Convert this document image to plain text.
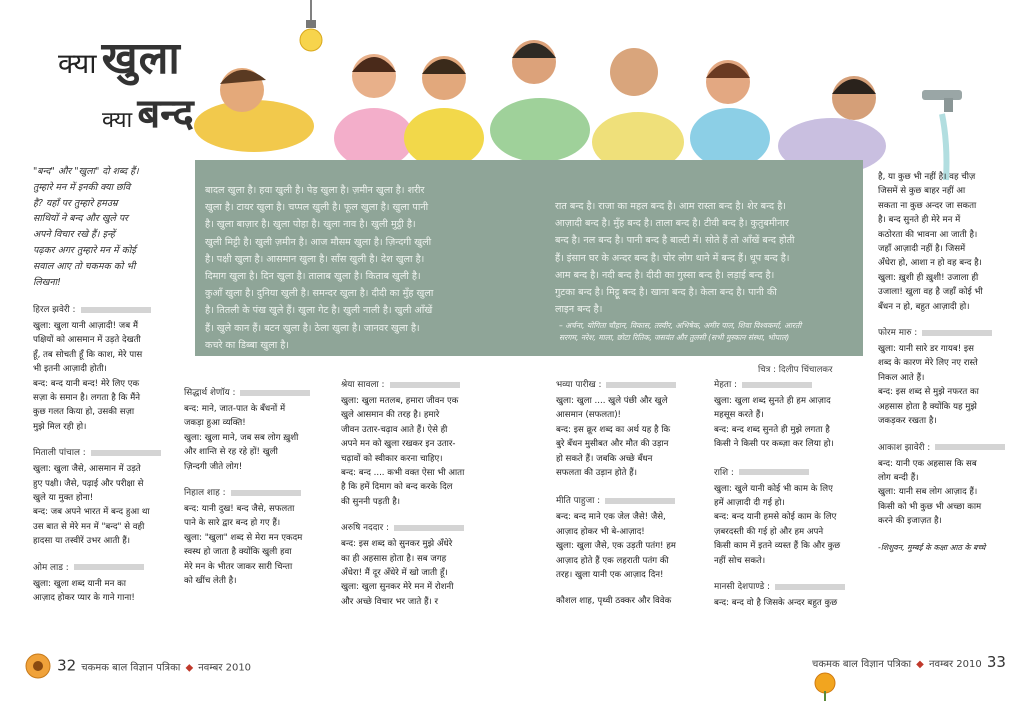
क्या खुला
क्या बन्द
"बन्द" और "खुला" दो शब्द हैं।
तुम्हारे मन में इनकी क्या छवि
है? यहाँ पर तुम्हारे हमउम्र
साथियों ने बन्द और खुले पर
अपने विचार रखे हैं। इन्हें
पढ़कर अगर तुम्हारे मन में कोई
सवाल आए तो चकमक को भी
लिखना!
बादल खुला है। हवा खुली है। पेड़ खुला है। ज़मीन खुला है। शरीर
खुला है। टायर खुला है। चप्पल खुली है। फूल खुला है। खुला पानी
है। खुला बाज़ार है। खुला पोहा है। खुला नाव है। खुली मुट्ठी है।
खुली मिट्टी है। खुली ज़मीन है। आज मौसम खुला है। ज़िन्दगी खुली
है। पक्षी खुला है। आसमान खुला है। साँस खुली है। देश खुला है।
दिमाग खुला है। दिन खुला है। तालाब खुला है। किताब खुली है।
कुआँ खुला है। दुनिया खुली है। समन्दर खुला है। दीदी का मुँह खुला
है। तितली के पंख खुले हैं। खुला गेट है। खुली नाली है। खुली आँखें
हैं। खुले कान हैं। बटन खुला है। ठेला खुला है। जानवर खुला है।
कचरे का डिब्बा खुला है।
रात बन्द है। राजा का महल बन्द है। आम रास्ता बन्द है। शेर बन्द है।
आज़ादी बन्द है। मुँह बन्द है। ताला बन्द है। टीवी बन्द है। कुतुबमीनार
बन्द है। नल बन्द है। पानी बन्द है बाल्टी में। सोते हैं तो आँखें बन्द होती
हैं। इंसान घर के अन्दर बन्द है। चोर लोग थाने में बन्द हैं। धूप बन्द है।
आम बन्द है। नदी बन्द है। दीदी का गुस्सा बन्द है। लड़ाई बन्द है।
गुटका बन्द है। मिट्टू बन्द है। खाना बन्द है। केला बन्द है। पानी की
लाइन बन्द है।
– अर्चना, योगिता चौहान, विकास, तस्वीर, अभिषेक, अमीर पाल, शिवा विश्वकर्मा, आरती
सरगम, नरेश, माला, छोटा रितिक, जसवंत और तुलसी (सभी मुस्कान संस्था, भोपाल)
चित्र : दिलीप चिंचालकर
हिरल झवेरी :
खुला: खुला यानी आज़ादी! जब मैं
पक्षियों को आसमान में उड़ते देखती
हूँ, तब सोचती हूँ कि काश, मेरे पास
भी इतनी आज़ादी होती।
बन्द: बन्द यानी बन्द! मेरे लिए एक
सज़ा के समान है। लगता है कि मैंने
कुछ गलत किया हो, उसकी सज़ा
मुझे मिल रही हो।
मिताली पांचाल :
खुला: खुला जैसे, आसमान में उड़ते
हुए पक्षी। जैसे, पढ़ाई और परीक्षा से
खुले या मुक्त होना!
बन्द: जब अपने भारत में बन्द हुआ था
उस बात से मेरे मन में "बन्द" से वही
हादसा या तस्वीरें उभर आती हैं।
ओम लाड :
खुला: खुला शब्द यानी मन का
आज़ाद होकर प्यार के गाने गाना!
सिद्धार्थ शेणॉय :
बन्द: माने, जात-पात के बँधनों में
जकड़ा हुआ व्यक्ति!
खुला: खुला माने, जब सब लोग ख़ुशी
और शान्ति से रह रहे हों! खुली
ज़िन्दगी जीते लोग!
निहाल शाह :
बन्द: यानी दुख! बन्द जैसे, सफलता
पाने के सारे द्वार बन्द हो गए हैं।
खुला: "खुला" शब्द से मेरा मन एकदम
स्वस्थ हो जाता है क्योंकि खुली हवा
मेरे मन के भीतर जाकर सारी चिन्ता
को खींच लेती है।
श्रेया सावला :
खुला: खुला मतलब, हमारा जीवन एक
खुले आसमान की तरह है। हमारे
जीवन उतार-चढ़ाव आते हैं। ऐसे ही
अपने मन को खुला रखकर इन उतार-
चढ़ावों को स्वीकार करना चाहिए।
बन्द: बन्द .... कभी वक्त ऐसा भी आता
है कि हमें दिमाग को बन्द करके दिल
की सुननी पड़ती है।
अरुषि नददार :
बन्द: इस शब्द को सुनकर मुझे अँधेरे
का ही अहसास होता है। सब जगह
अँधेरा! मैं दूर अँधेरे में खो जाती हूँ।
खुला: खुला सुनकर मेरे मन में रोशनी
और अच्छे विचार भर जाते हैं। र
भव्या पारीख :
खुला: खुला .... खुले पंछी और खुले
आसमान (सफलता)!
बन्द: इस क्रूर शब्द का अर्थ यह है कि
बुरे बँधन मुसीबत और मौत की उड़ान
हो सकते हैं। जबकि अच्छे बँधन
सफलता की उड़ान होते हैं।
मीति पाहुजा :
बन्द: बन्द माने एक जेल जैसे! जैसे,
आज़ाद होकर भी बे-आज़ाद!
खुला: खुला जैसे, एक उड़ती पतंग! हम
आज़ाद होते हैं एक लहराती पतंग की
तरह। खुला यानी एक आज़ाद दिन!
कौशल शाह, पृथ्वी ठक्कर और विवेक
मेहता :
खुला: खुला शब्द सुनते ही हम आज़ाद
महसूस करते हैं।
बन्द: बन्द शब्द सुनते ही मुझे लगता है
किसी ने किसी पर कब्ज़ा कर लिया हो।
राशि :
खुला: खुले यानी कोई भी काम के लिए
हमें आज़ादी दी गई हो।
बन्द: बन्द यानी हमसे कोई काम के लिए
ज़बरदस्ती की गई हो और हम अपने
किसी काम में इतने व्यस्त हैं कि और कुछ
नहीं सोच सकते।
मानसी देशपाण्डे :
बन्द: बन्द वो है जिसके अन्दर बहुत कुछ
है, या कुछ भी नहीं है। वह चीज़
जिसमें से कुछ बाहर नहीं आ
सकता ना कुछ अन्दर जा सकता
है। बन्द सुनते ही मेरे मन में
कठोरता की भावना आ जाती है।
जहाँ आज़ादी नहीं है। जिसमें
अँधेरा हो, आशा न हो वह बन्द है।
खुला: ख़ुशी ही ख़ुशी! उजाला ही
उजाला! खुला वह है जहाँ कोई भी
बँधन न हो, बहुत आज़ादी हो।
फोरम मारु :
खुला: यानी सारे डर गायब! इस
शब्द के कारण मेरे लिए नए रास्ते
निकल आते हैं।
बन्द: इस शब्द से मुझे नफरत का
अहसास होता है क्योंकि यह मुझे
जकड़कर रखता है।
आकाश झावेरी :
बन्द: यानी एक अहसास कि सब
लोग बन्दी हैं।
खुला: यानी सब लोग आज़ाद हैं।
किसी को भी कुछ भी अच्छा काम
करने की इजाज़त है।
-शिशुवन, मुम्बई के कक्षा आठ के बच्चे
32 चकमक बाल विज्ञान पत्रिका ◆ नवम्बर 2010	चकमक बाल विज्ञान पत्रिका ◆ नवम्बर 2010 33
